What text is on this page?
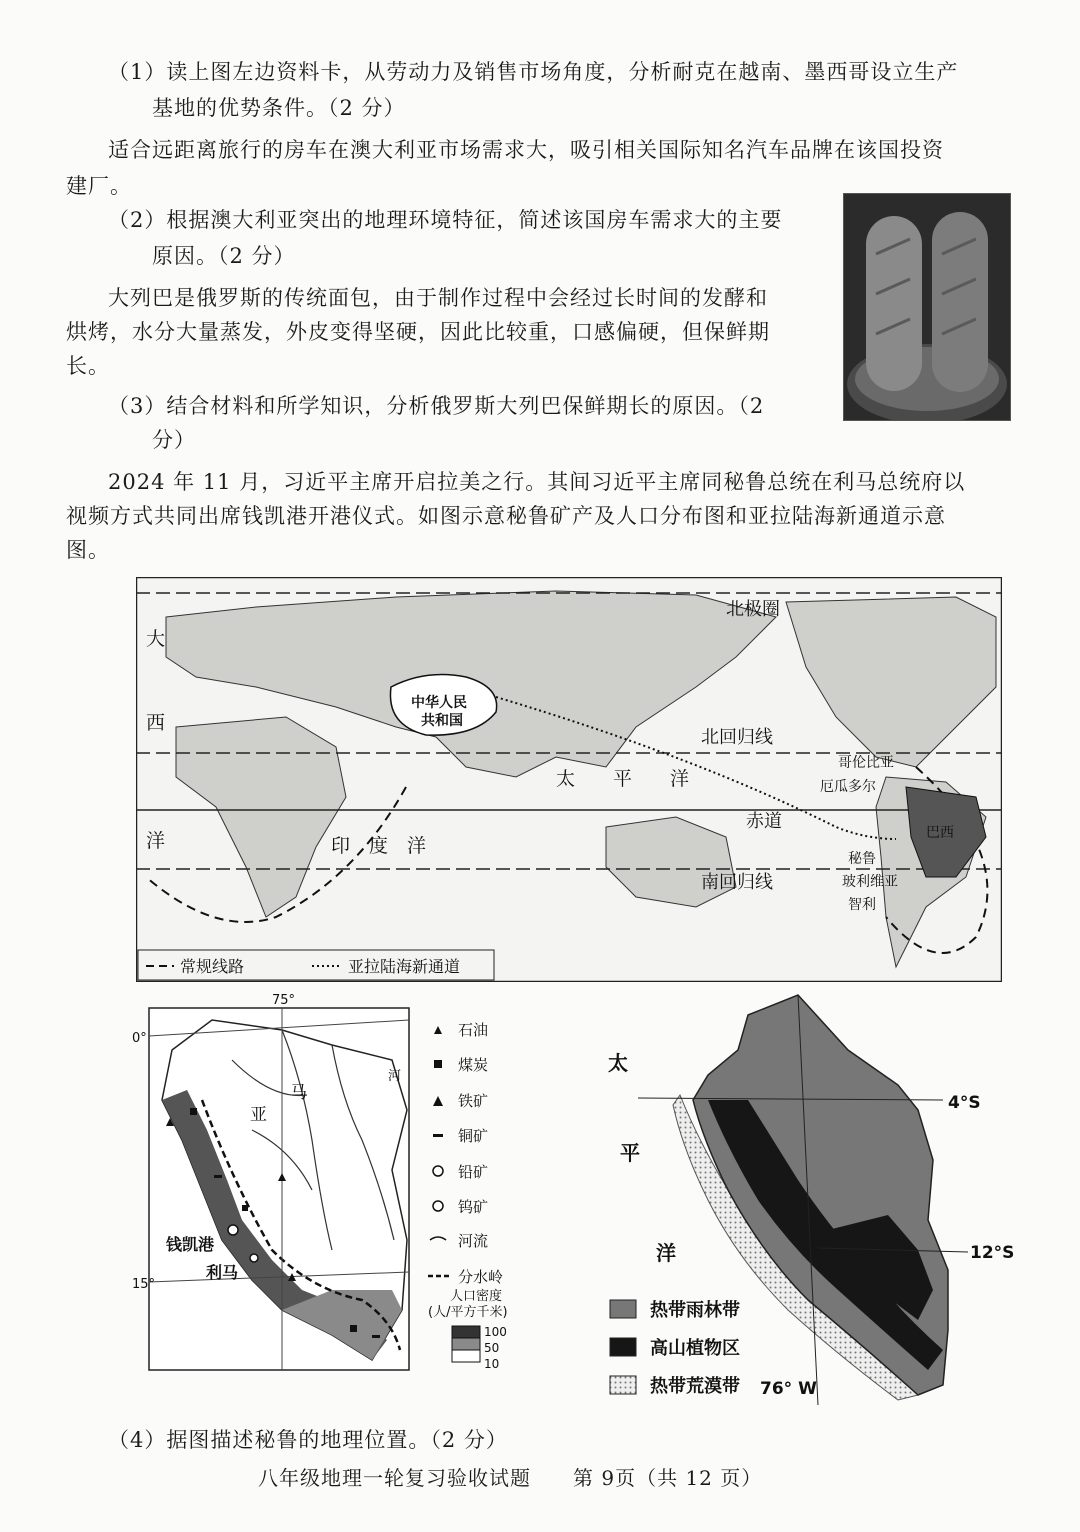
（1）读上图左边资料卡，从劳动力及销售市场角度，分析耐克在越南、墨西哥设立生产
基地的优势条件。（2 分）
适合远距离旅行的房车在澳大利亚市场需求大，吸引相关国际知名汽车品牌在该国投资
建厂。
（2）根据澳大利亚突出的地理环境特征，简述该国房车需求大的主要
原因。（2 分）
大列巴是俄罗斯的传统面包，由于制作过程中会经过长时间的发酵和
烘烤，水分大量蒸发，外皮变得坚硬，因此比较重，口感偏硬，但保鲜期
长。
（3）结合材料和所学知识，分析俄罗斯大列巴保鲜期长的原因。（2
分）
2024 年 11 月，习近平主席开启拉美之行。其间习近平主席同秘鲁总统在利马总统府以
视频方式共同出席钱凯港开港仪式。如图示意秘鲁矿产及人口分布图和亚拉陆海新通道示意
图。
北极圈
北回归线
赤道
南回归线
大
西
洋
太　　平　　洋
印　度　洋
中华人民
共和国
哥伦比亚
厄瓜多尔
巴西
秘鲁
玻利维亚
智利
常规线路	亚拉陆海新通道
75°
0°
15°
亚
马
河
钱凯港
利马
石油
煤炭
铁矿
铜矿
铅矿
钨矿
河流
分水岭
人口密度
(人/平方千米)
100
50
10
太
平
洋
4°S
12°S
76° W
热带雨林带
高山植物区
热带荒漠带
（4）据图描述秘鲁的地理位置。（2 分）
八年级地理一轮复习验收试题　　第 9页（共 12 页）
